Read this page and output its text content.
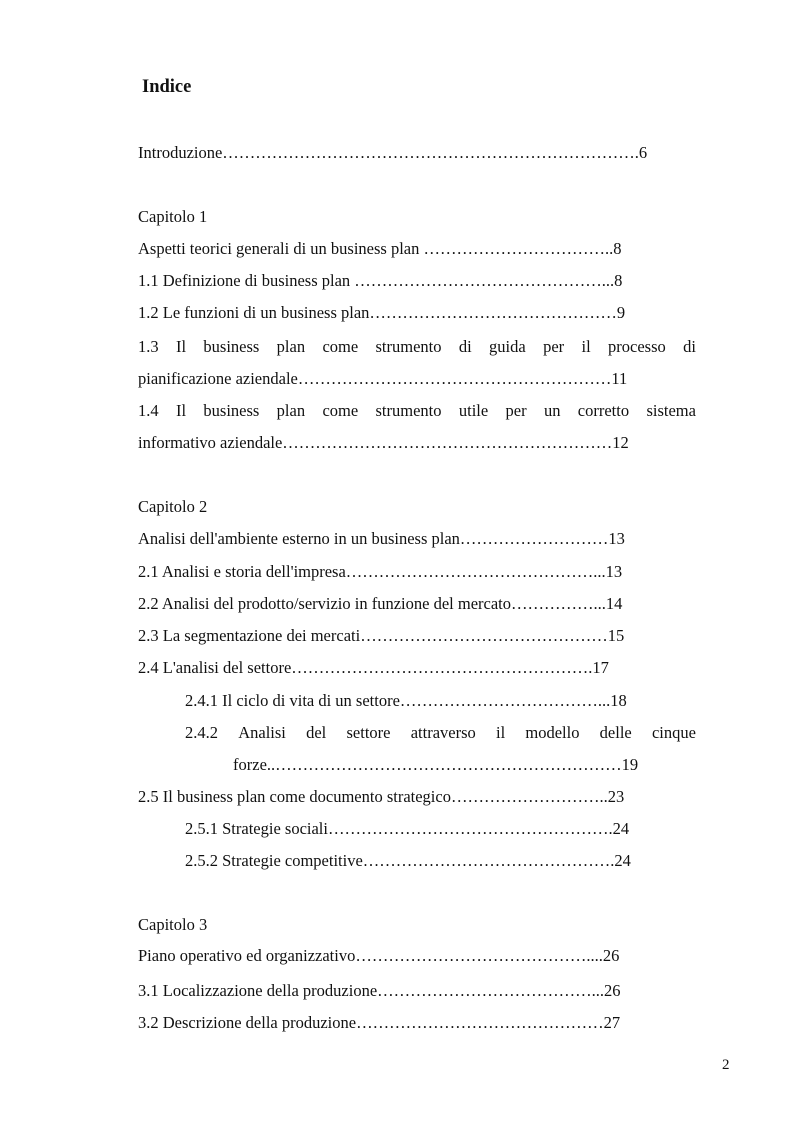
Indice
Introduzione………………………………………………………………….6
Capitolo 1
Aspetti teorici generali di un business plan ……………………………..8
1.1 Definizione di business plan ………………………………………...8
1.2 Le funzioni di un business plan………………………………………9
1.3 Il business plan come strumento di guida per il processo di
pianificazione aziendale…………………………………………………11
1.4 Il business plan come strumento utile per un corretto sistema
informativo aziendale……………………………………………………12
Capitolo 2
Analisi dell'ambiente esterno in un business plan………………………13
2.1 Analisi e storia dell'impresa………………………………………...13
2.2 Analisi del prodotto/servizio in funzione del mercato……………...14
2.3 La segmentazione dei mercati………………………………………15
2.4 L'analisi del settore……………………………………………….17
2.4.1 Il ciclo di vita di un settore………………………………...18
2.4.2 Analisi del settore attraverso il modello delle cinque
forze..………………………………………………………19
2.5 Il business plan come documento strategico………………………..23
2.5.1 Strategie sociali…………………………………………….24
2.5.2 Strategie competitive……………………………………….24
Capitolo 3
Piano operativo ed organizzativo……………………………………....26
3.1 Localizzazione della produzione…………………………………...26
3.2 Descrizione della produzione………………………………………27
2
